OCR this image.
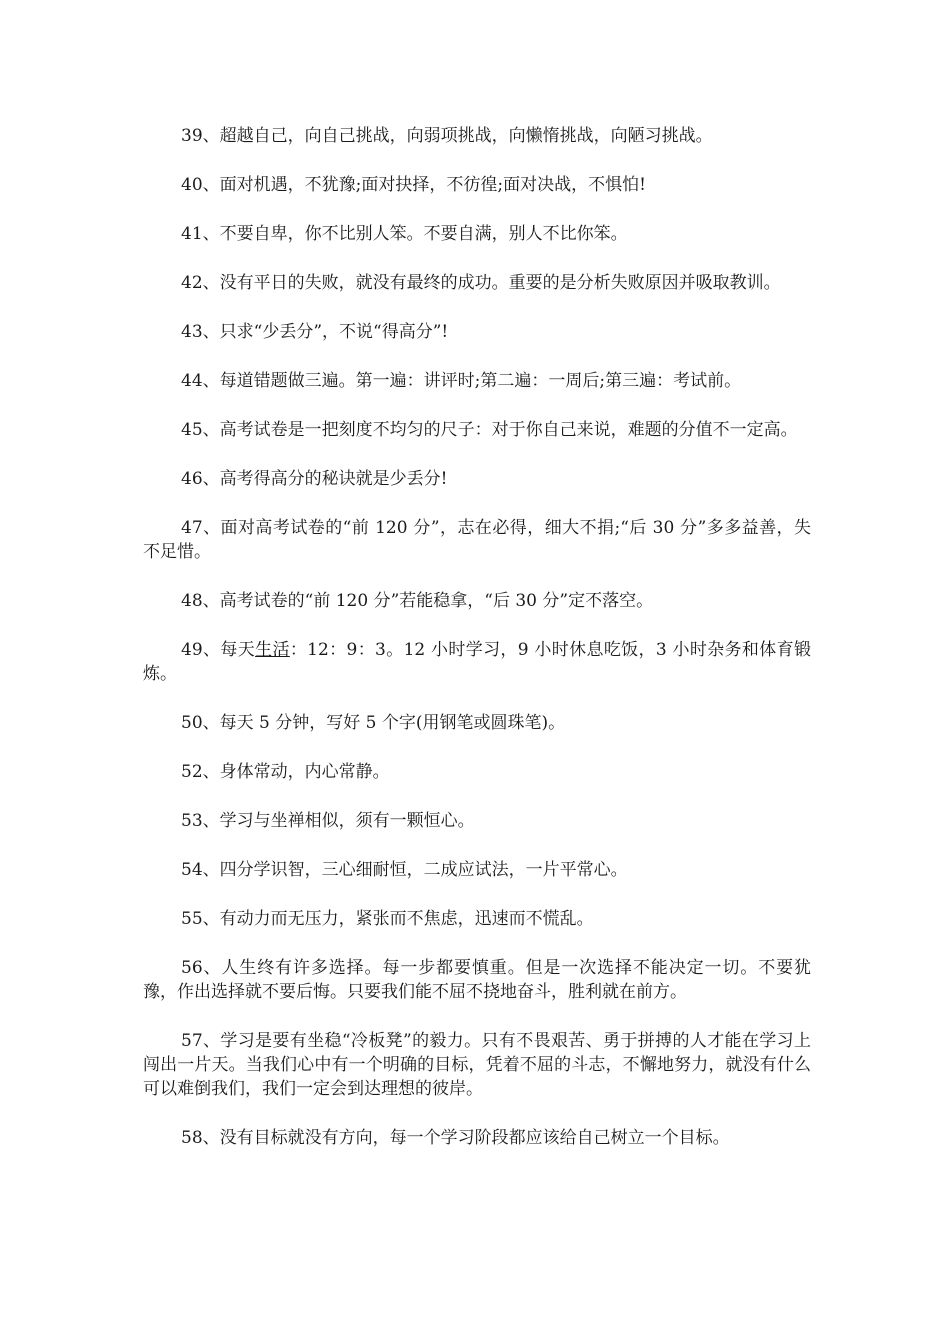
39、超越自己，向自己挑战，向弱项挑战，向懒惰挑战，向陋习挑战。

40、面对机遇，不犹豫;面对抉择，不彷徨;面对决战，不惧怕!

41、不要自卑，你不比别人笨。不要自满，别人不比你笨。

42、没有平日的失败，就没有最终的成功。重要的是分析失败原因并吸取教训。

43、只求“少丢分”，不说“得高分”!

44、每道错题做三遍。第一遍：讲评时;第二遍：一周后;第三遍：考试前。

45、高考试卷是一把刻度不均匀的尺子：对于你自己来说，难题的分值不一定高。

46、高考得高分的秘诀就是少丢分!

47、面对高考试卷的“前 120 分”，志在必得，细大不捐;“后 30 分”多多益善，失不足惜。

48、高考试卷的“前 120 分”若能稳拿，“后 30 分”定不落空。

49、每天生活：12：9：3。12 小时学习，9 小时休息吃饭，3 小时杂务和体育锻炼。

50、每天 5 分钟，写好 5 个字(用钢笔或圆珠笔)。

52、身体常动，内心常静。

53、学习与坐禅相似，须有一颗恒心。

54、四分学识智，三心细耐恒，二成应试法，一片平常心。

55、有动力而无压力，紧张而不焦虑，迅速而不慌乱。

56、人生终有许多选择。每一步都要慎重。但是一次选择不能决定一切。不要犹豫，作出选择就不要后悔。只要我们能不屈不挠地奋斗，胜利就在前方。

57、学习是要有坐稳“冷板凳”的毅力。只有不畏艰苦、勇于拼搏的人才能在学习上闯出一片天。当我们心中有一个明确的目标，凭着不屈的斗志，不懈地努力，就没有什么可以难倒我们，我们一定会到达理想的彼岸。

58、没有目标就没有方向，每一个学习阶段都应该给自己树立一个目标。
